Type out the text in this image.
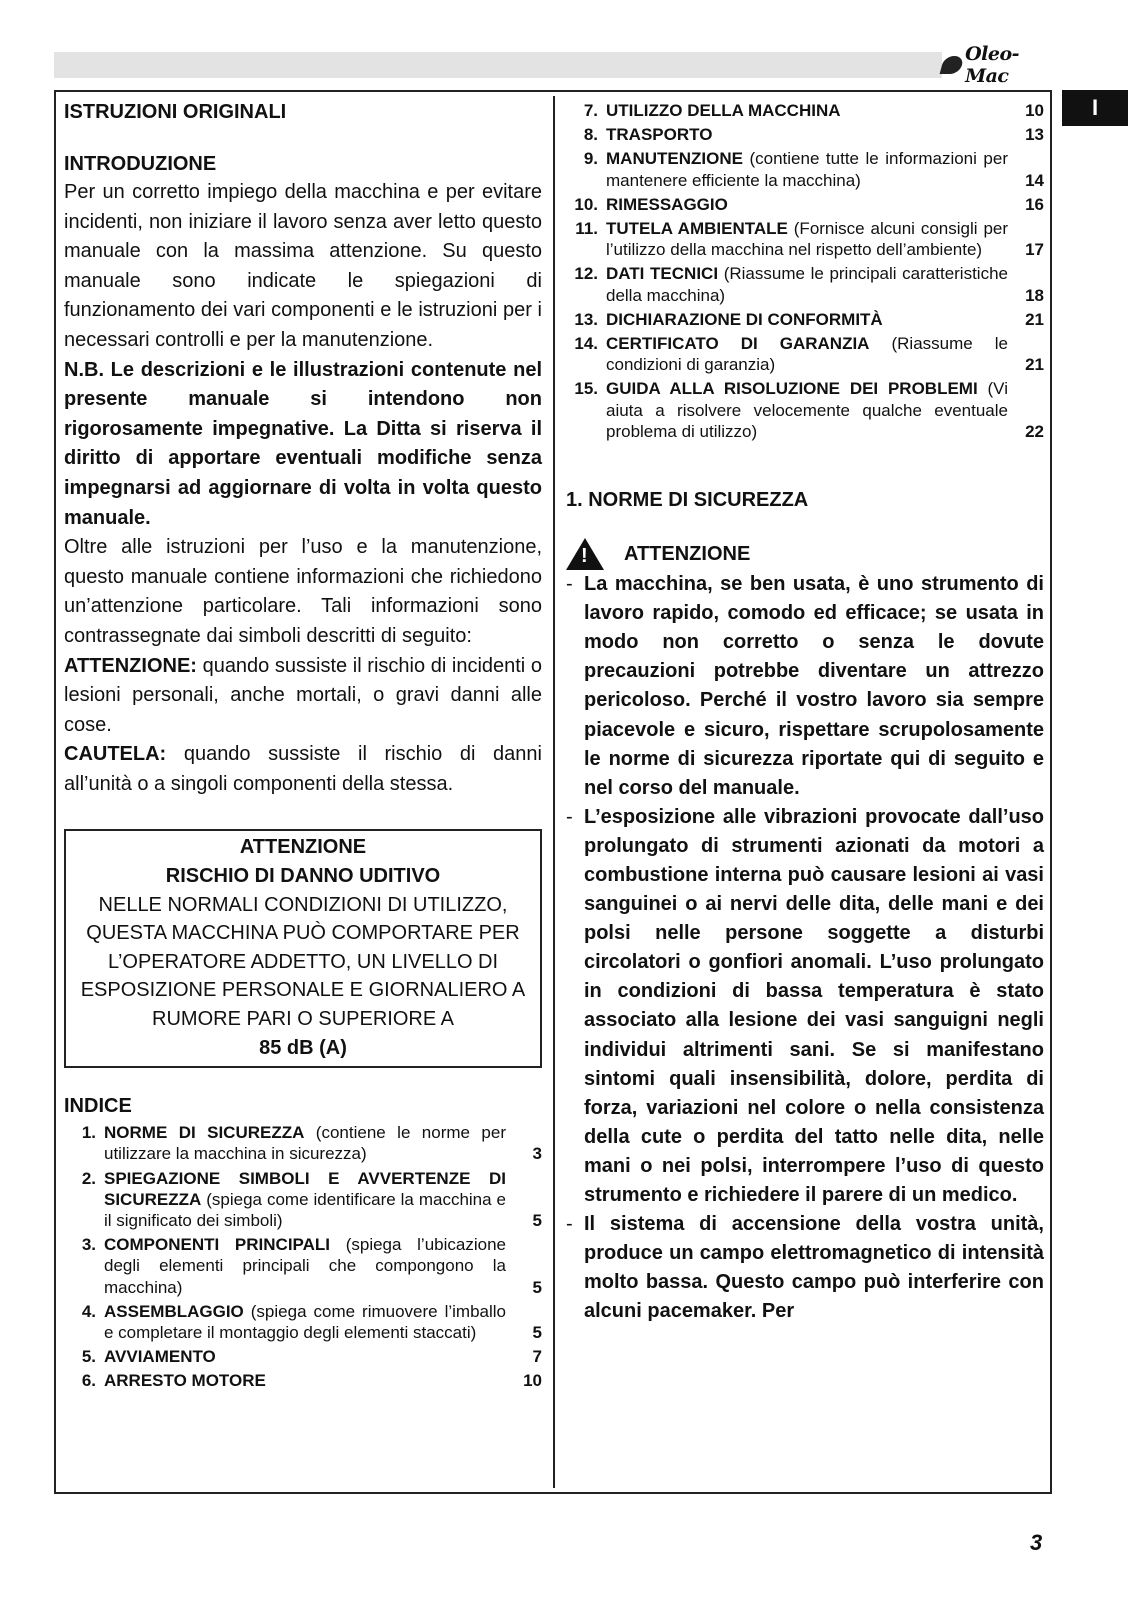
Oleo-Mac
I
ISTRUZIONI ORIGINALI
INTRODUZIONE
Per un corretto impiego della macchina e per evitare incidenti, non iniziare il lavoro senza aver letto questo manuale con la massima attenzione. Su questo manuale sono indicate le spiegazioni di funzionamento dei vari componenti e le istruzioni per i necessari controlli e per la manutenzione.
N.B. Le descrizioni e le illustrazioni contenute nel presente manuale si intendono non rigorosamente impegnative. La Ditta si riserva il diritto di apportare eventuali modifiche senza impegnarsi ad aggiornare di volta in volta questo manuale.
Oltre alle istruzioni per l’uso e la manutenzione, questo manuale contiene informazioni che richiedono un’attenzione particolare. Tali informazioni sono contrassegnate dai simboli descritti di seguito:
ATTENZIONE: quando sussiste il rischio di incidenti o lesioni personali, anche mortali, o gravi danni alle cose.
CAUTELA: quando sussiste il rischio di danni all’unità o a singoli componenti della stessa.
ATTENZIONE
RISCHIO DI DANNO UDITIVO
NELLE NORMALI CONDIZIONI DI UTILIZZO,
QUESTA MACCHINA PUÒ COMPORTARE PER
L’OPERATORE ADDETTO, UN LIVELLO DI
ESPOSIZIONE PERSONALE E GIORNALIERO A
RUMORE PARI O SUPERIORE A
85 dB (A)
INDICE
1. NORME DI SICUREZZA (contiene le norme per utilizzare la macchina in sicurezza)	3
2. SPIEGAZIONE SIMBOLI E AVVERTENZE DI SICUREZZA (spiega come identificare la macchina e il significato dei simboli)	5
3. COMPONENTI PRINCIPALI (spiega l’ubicazione degli elementi principali che compongono la macchina)	5
4. ASSEMBLAGGIO (spiega come rimuovere l’imballo e completare il montaggio degli elementi staccati)	5
5. AVVIAMENTO	7
6. ARRESTO MOTORE	10
7. UTILIZZO DELLA MACCHINA	10
8. TRASPORTO	13
9. MANUTENZIONE (contiene tutte le informazioni per mantenere efficiente la macchina)	14
10. RIMESSAGGIO	16
11. TUTELA AMBIENTALE (Fornisce alcuni consigli per l’utilizzo della macchina nel rispetto dell’ambiente)	17
12. DATI TECNICI (Riassume le principali caratteristiche della macchina)	18
13. DICHIARAZIONE DI CONFORMITÀ	21
14. CERTIFICATO DI GARANZIA (Riassume le condizioni di garanzia)	21
15. GUIDA ALLA RISOLUZIONE DEI PROBLEMI (Vi aiuta a risolvere velocemente qualche eventuale problema di utilizzo)	22
1. NORME DI SICUREZZA
!
ATTENZIONE
- La macchina, se ben usata, è uno strumento di lavoro rapido, comodo ed efficace; se usata in modo non corretto o senza le dovute precauzioni potrebbe diventare un attrezzo pericoloso. Perché il vostro lavoro sia sempre piacevole e sicuro, rispettare scrupolosamente le norme di sicurezza riportate qui di seguito e nel corso del manuale.
- L’esposizione alle vibrazioni provocate dall’uso prolungato di strumenti azionati da motori a combustione interna può causare lesioni ai vasi sanguinei o ai nervi delle dita, delle mani e dei polsi nelle persone soggette a disturbi circolatori o gonfiori anomali. L’uso prolungato in condizioni di bassa temperatura è stato associato alla lesione dei vasi sanguigni negli individui altrimenti sani. Se si manifestano sintomi quali insensibilità, dolore, perdita di forza, variazioni nel colore o nella consistenza della cute o perdita del tatto nelle dita, nelle mani o nei polsi, interrompere l’uso di questo strumento e richiedere il parere di un medico.
- Il sistema di accensione della vostra unità, produce un campo elettromagnetico di intensità molto bassa. Questo campo può interferire con alcuni pacemaker. Per
3
